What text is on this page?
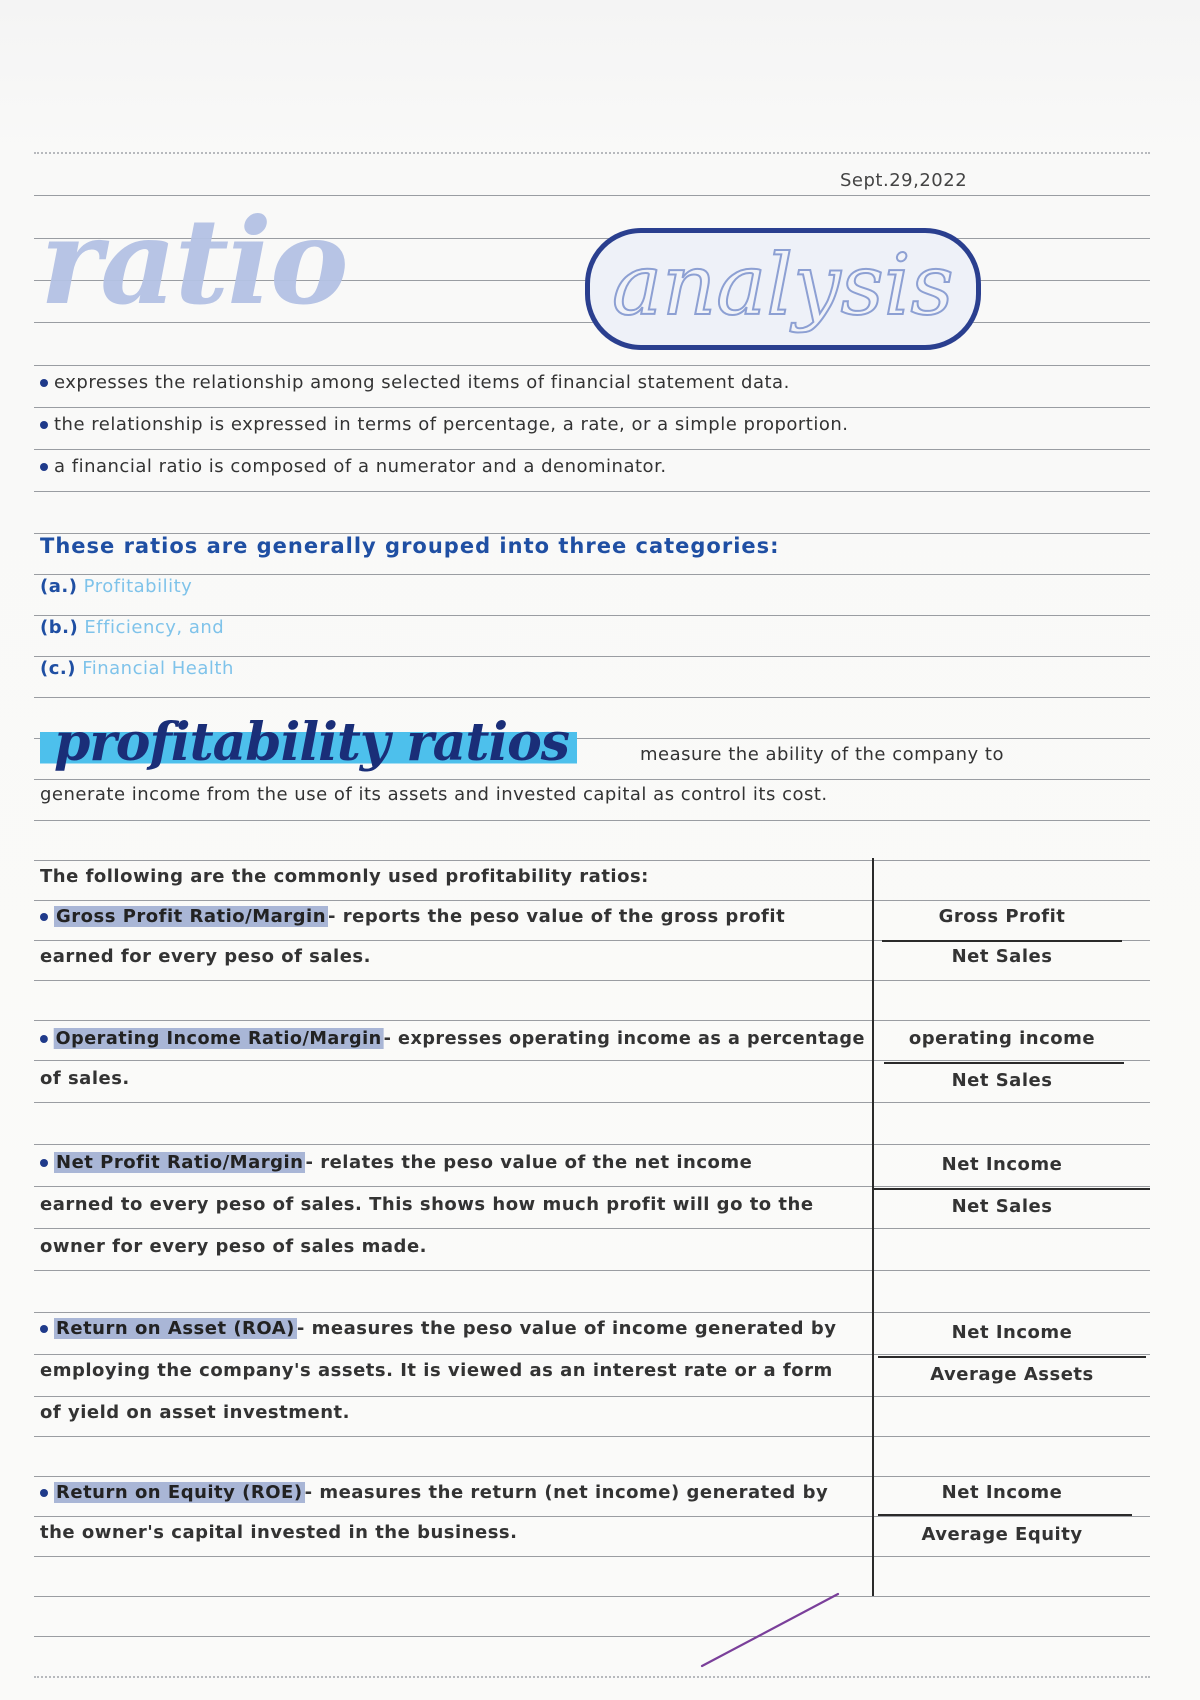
Sept.29,2022
ratio	analysis
expresses the relationship among selected items of financial statement data.
the relationship is expressed in terms of percentage, a rate, or a simple proportion.
a financial ratio is composed of a numerator and a denominator.
These ratios are generally grouped into three categories:
(a.) Profitability
(b.) Efficiency, and
(c.) Financial Health
profitability ratios	measure the ability of the company to
generate income from the use of its assets and invested capital as control its cost.
The following are the commonly used profitability ratios:
Gross Profit Ratio/Margin - reports the peso value of the gross profit
earned for every peso of sales.
Gross Profit
Net Sales
Operating Income Ratio/Margin - expresses operating income as a percentage
of sales.
operating income
Net Sales
Net Profit Ratio/Margin - relates the peso value of the net income
earned to every peso of sales. This shows how much profit will go to the
owner for every peso of sales made.
Net Income
Net Sales
Return on Asset (ROA) - measures the peso value of income generated by
employing the company's assets. It is viewed as an interest rate or a form
of yield on asset investment.
Net Income
Average Assets
Return on Equity (ROE) - measures the return (net income) generated by
the owner's capital invested in the business.
Net Income
Average Equity
